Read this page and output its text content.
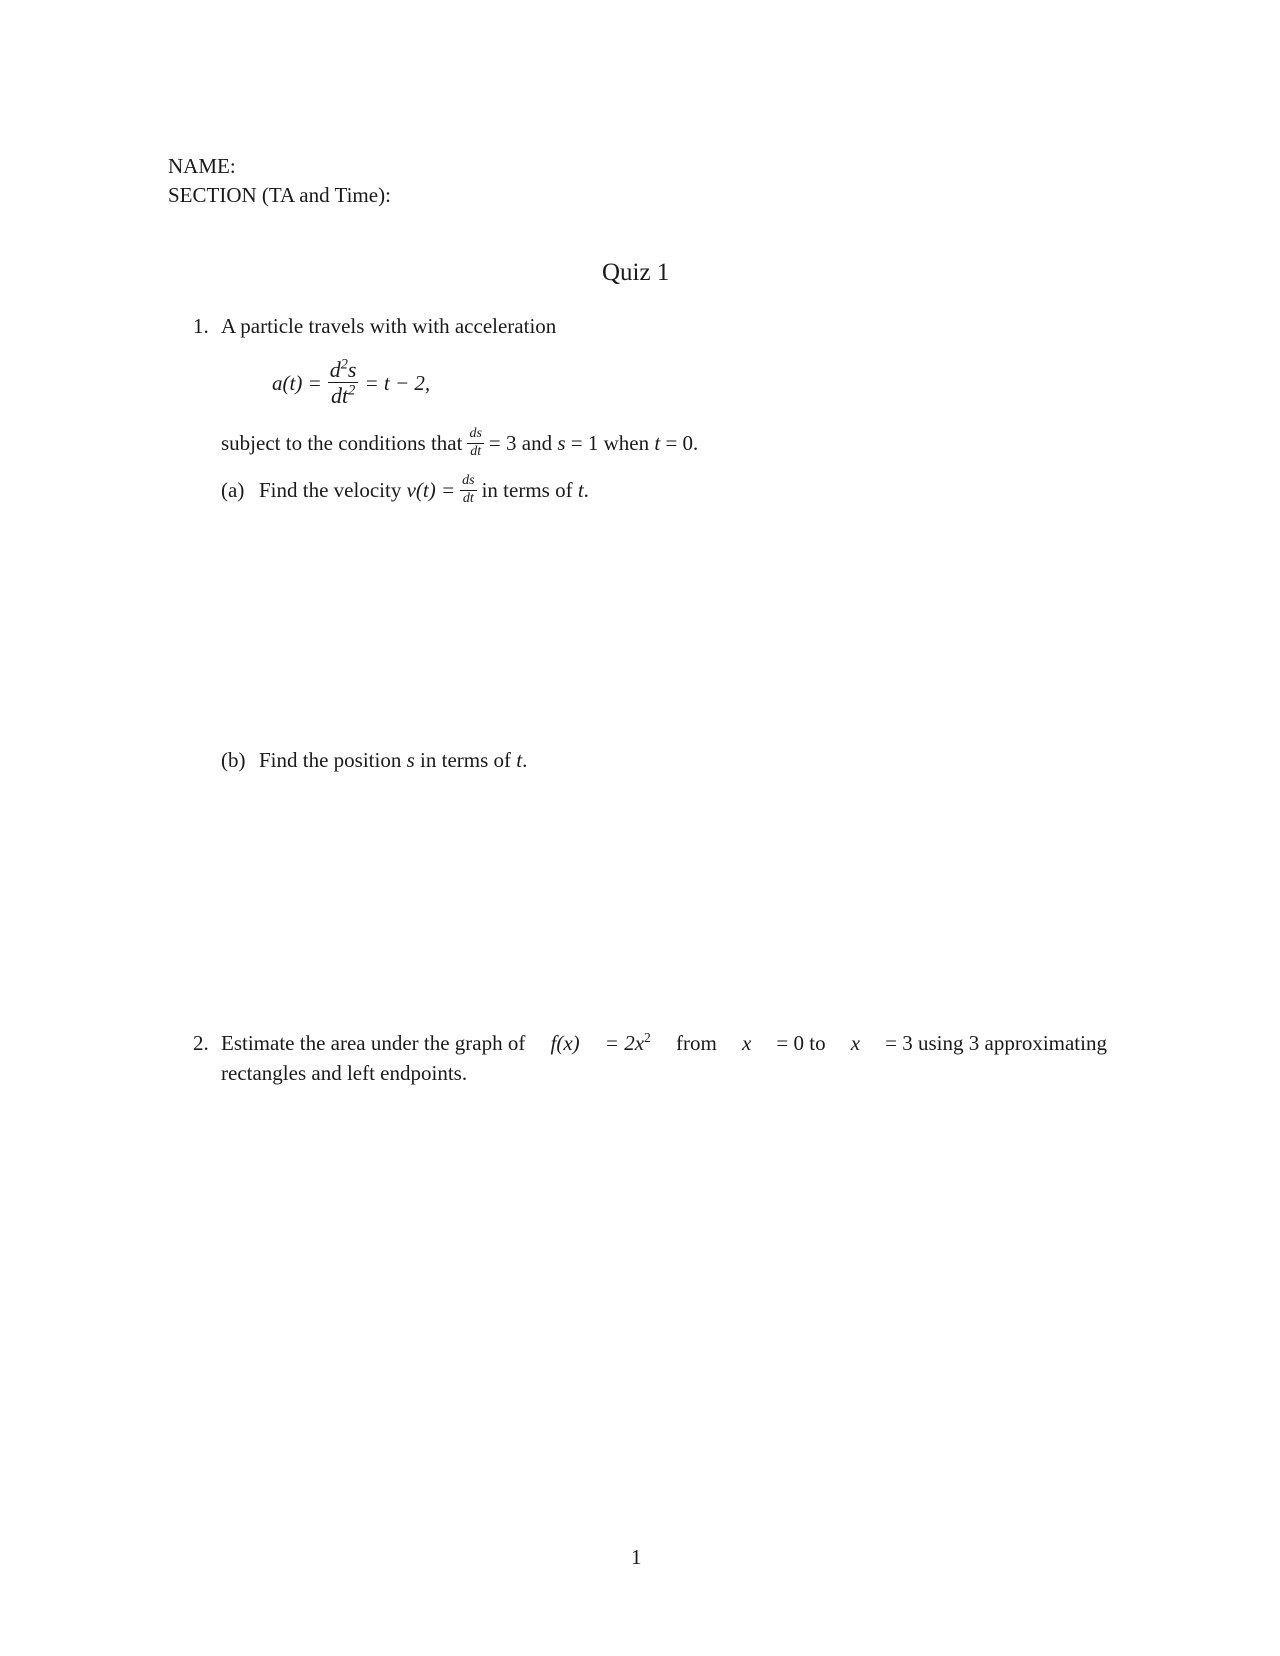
NAME:
SECTION (TA and Time):
Quiz 1
1. A particle travels with with acceleration
$a(t) = \frac{d^2s}{dt^2} = t - 2$,
subject to the conditions that $\frac{ds}{dt} = 3$ and
s
= 1 when
t
= 0.
(a) Find the velocity
$v(t) = \frac{ds}{dt}$ in terms of
t .
(b) Find the position s in terms of t.
2. Estimate the area under the graph of $f(x) = 2x^2$ from x = 0 to x = 3 using 3 approximating
rectangles and left endpoints.
1
